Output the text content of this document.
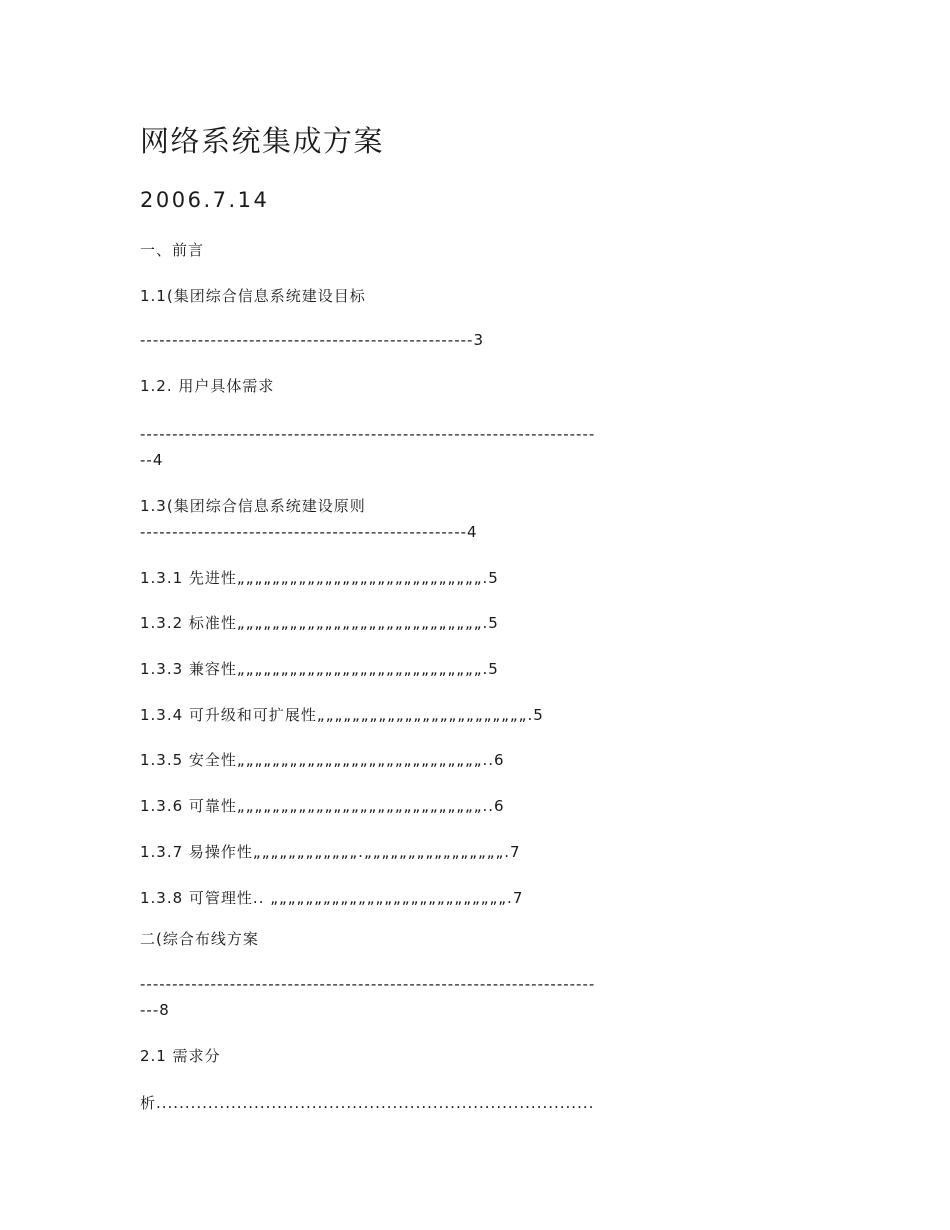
网络系统集成方案
2006.7.14
一、前言
1.1(集团综合信息系统建设目标
----------------------------------------------------3
1.2. 用户具体需求
-----------------------------------------------------------------------
--4
1.3(集团综合信息系统建设原则
---------------------------------------------------4
1.3.1 先进性„„„„„„„„„„„„„„„„„„„„„„„„„„„„.5
1.3.2 标准性„„„„„„„„„„„„„„„„„„„„„„„„„„„„.5
1.3.3 兼容性„„„„„„„„„„„„„„„„„„„„„„„„„„„„.5
1.3.4 可升级和可扩展性„„„„„„„„„„„„„„„„„„„„„„„„.5
1.3.5 安全性„„„„„„„„„„„„„„„„„„„„„„„„„„„„..6
1.3.6 可靠性„„„„„„„„„„„„„„„„„„„„„„„„„„„„..6
1.3.7 易操作性„„„„„„„„„„„„.„„„„„„„„„„„„„„„„.7
1.3.8 可管理性.. „„„„„„„„„„„„„„„„„„„„„„„„„„„.7
二(综合布线方案
-----------------------------------------------------------------------
---8
2.1 需求分
析............................................................................
